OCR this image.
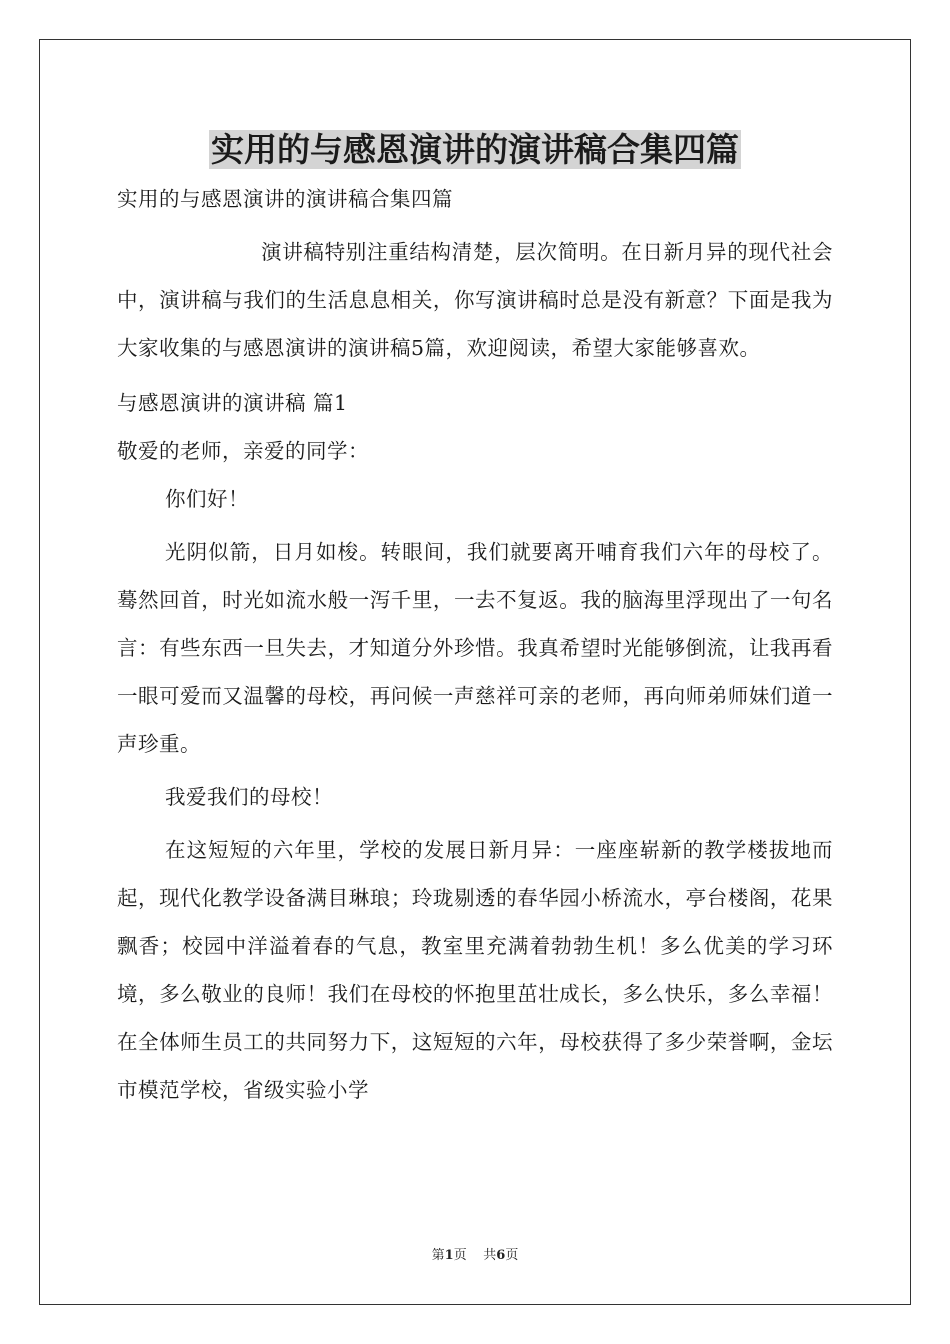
实用的与感恩演讲的演讲稿合集四篇

实用的与感恩演讲的演讲稿合集四篇

演讲稿特别注重结构清楚，层次简明。在日新月异的现代社会中，演讲稿与我们的生活息息相关，你写演讲稿时总是没有新意？下面是我为大家收集的与感恩演讲的演讲稿5篇，欢迎阅读，希望大家能够喜欢。

与感恩演讲的演讲稿 篇1

敬爱的老师，亲爱的同学：

你们好！

光阴似箭，日月如梭。转眼间，我们就要离开哺育我们六年的母校了。蓦然回首，时光如流水般一泻千里，一去不复返。我的脑海里浮现出了一句名言：有些东西一旦失去，才知道分外珍惜。我真希望时光能够倒流，让我再看一眼可爱而又温馨的母校，再问候一声慈祥可亲的老师，再向师弟师妹们道一声珍重。

我爱我们的母校！

在这短短的六年里，学校的发展日新月异：一座座崭新的教学楼拔地而起，现代化教学设备满目琳琅；玲珑剔透的春华园小桥流水，亭台楼阁，花果飘香；校园中洋溢着春的气息，教室里充满着勃勃生机！多么优美的学习环境，多么敬业的良师！我们在母校的怀抱里茁壮成长，多么快乐，多么幸福！在全体师生员工的共同努力下，这短短的六年，母校获得了多少荣誉啊，金坛市模范学校，省级实验小学

第1页 共6页
